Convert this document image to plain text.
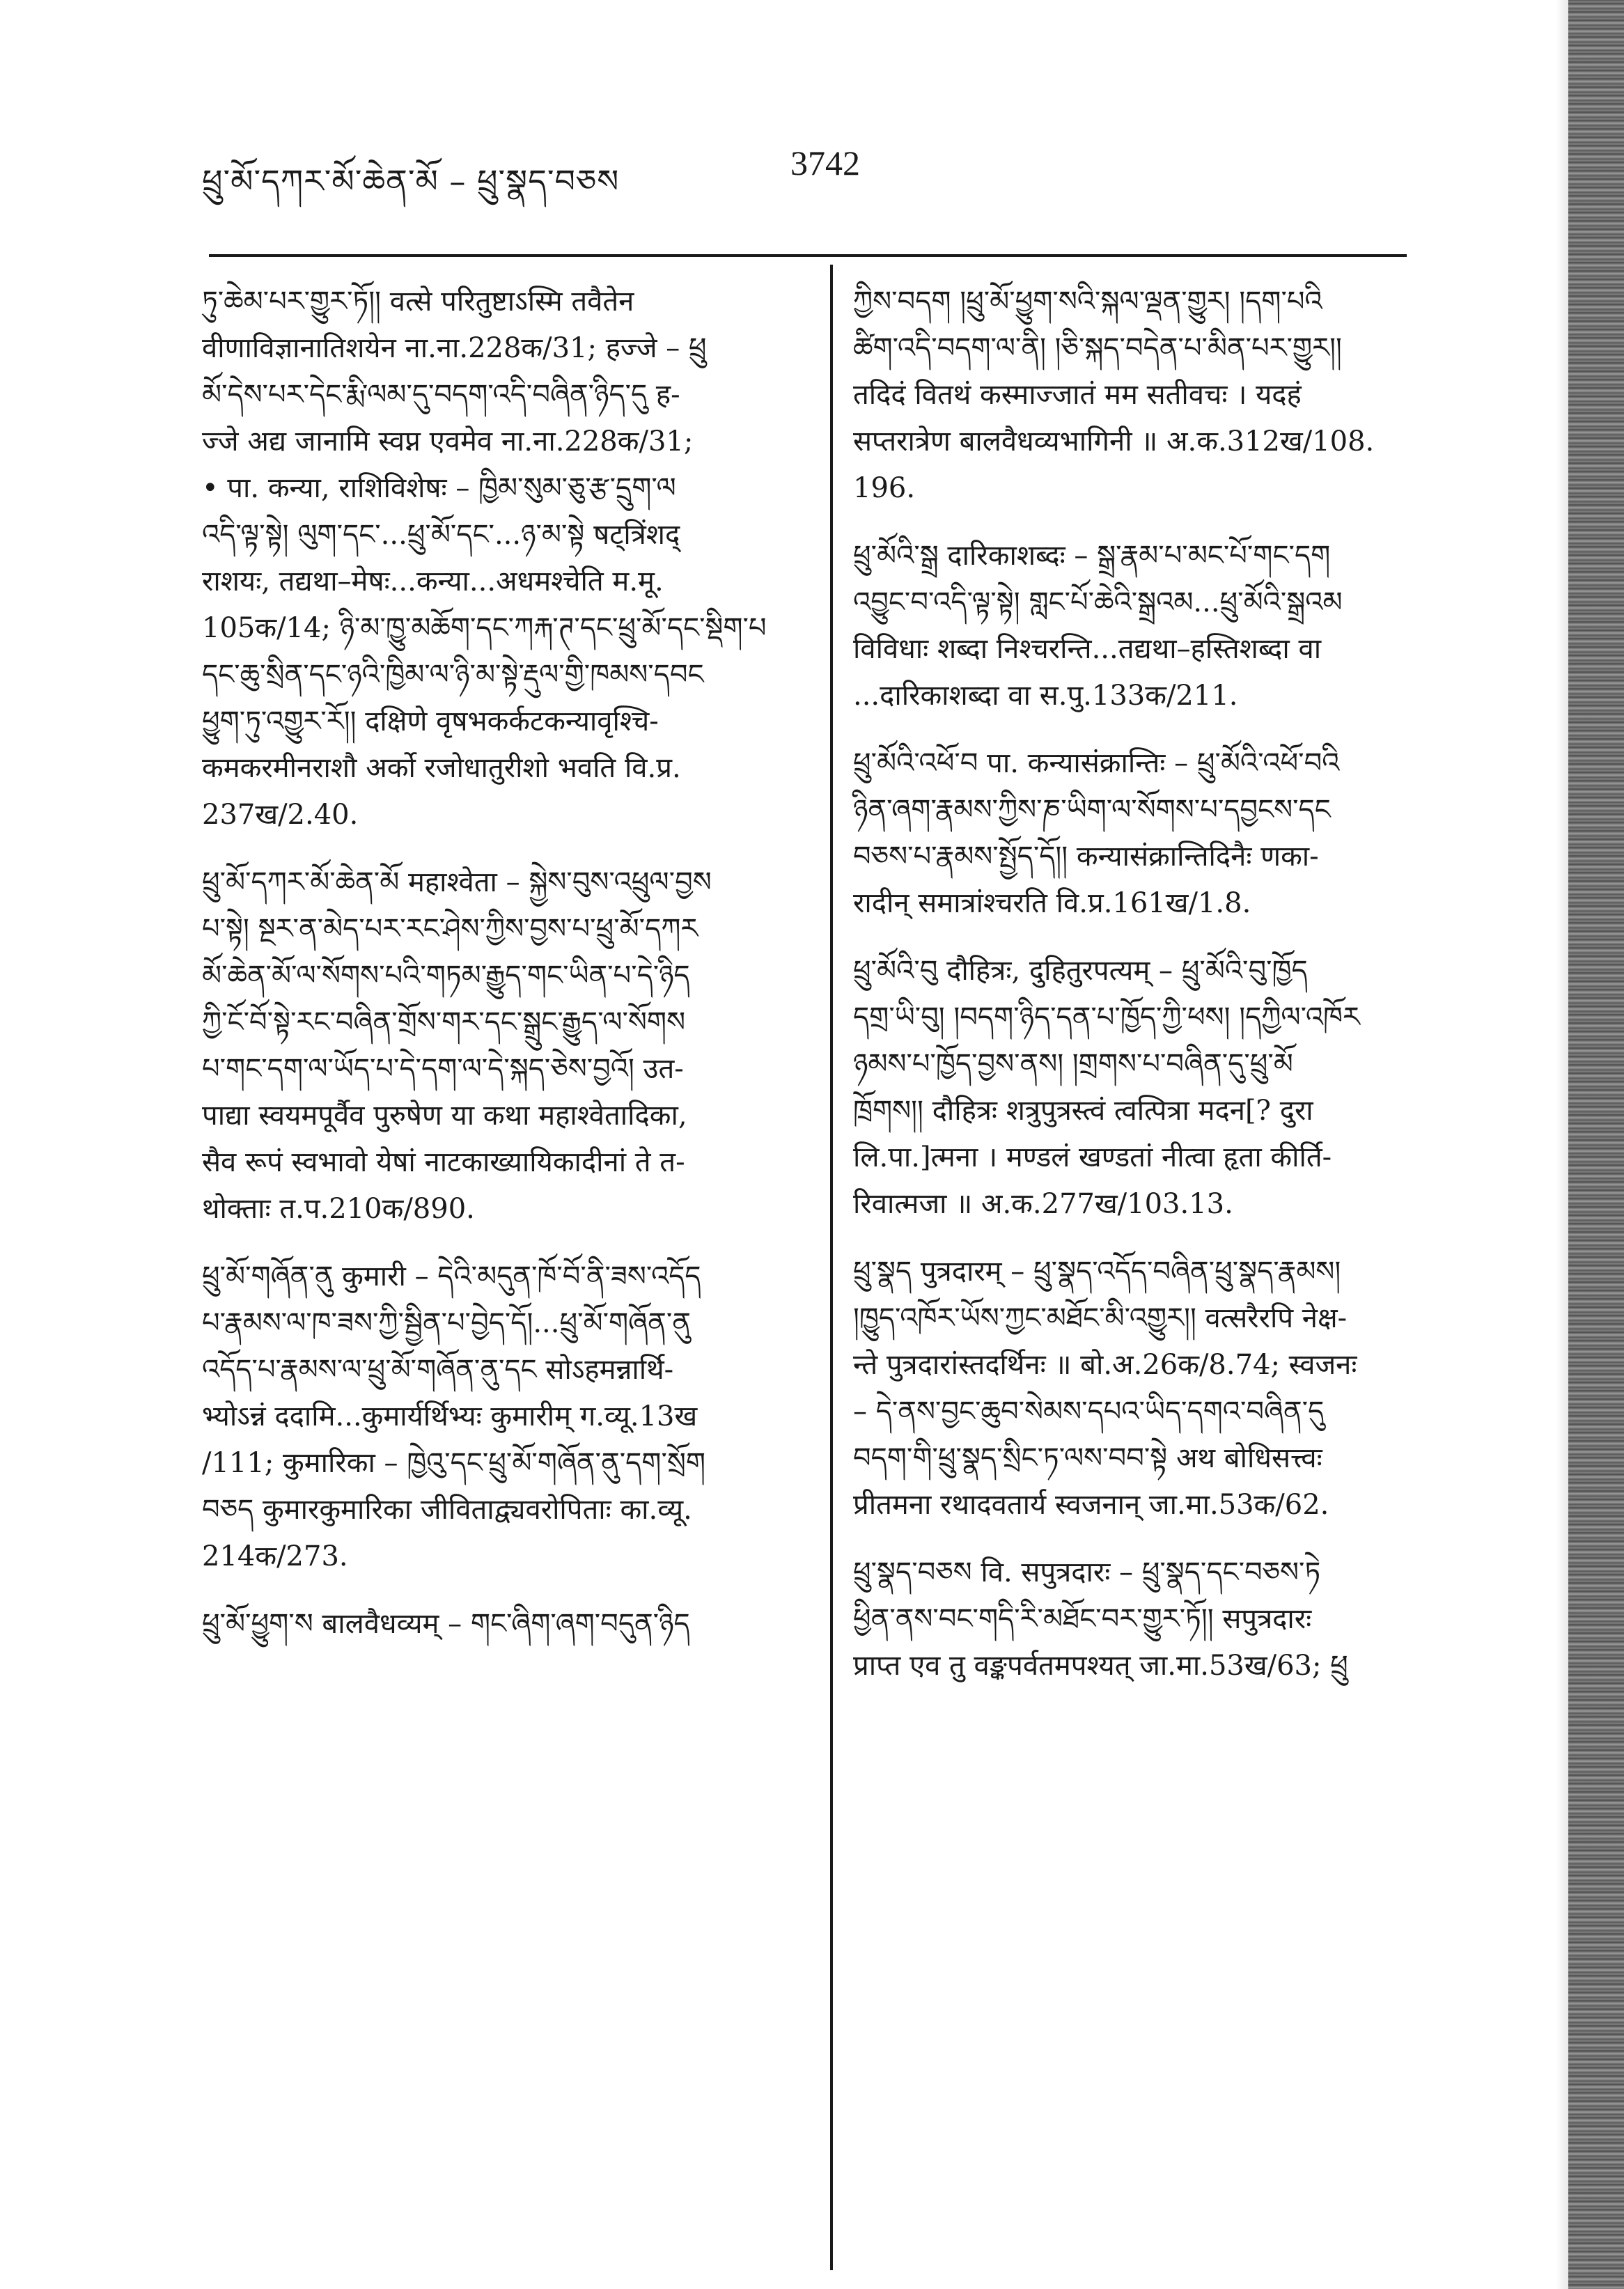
ཕྲུ་མོ་དཀར་མོ་ཆེན་མོ – ཕྲུ་སྣད་བཅས	3742

ཏུ་ཆེམ་པར་གྱུར་ཏོ།། वत्से परितुष्टाऽस्मि तवैतेन

वीणाविज्ञानातिशयेन ना.ना.228क/31; हज्जे – ཕྲུ

མོ་དེས་པར་དེང་རྨི་ལམ་དུ་བདག་འདི་བཞིན་ཉིད་དུ ह-

ज्जे अद्य जानामि स्वप्न एवमेव ना.ना.228क/31;

• पा. कन्या, राशिविशेषः – ཁྱིམ་སུམ་ཅུ་རྩ་དྲུག་ལ

འདི་ལྟ་སྟེ། ལུག་དང་...ཕྲུ་མོ་དང་...ཉ་མ་སྟེ षट्त्रिंशद्

राशयः, तद्यथा–मेषः...कन्या...अधमश्चेति म.मू.

105क/14; ཉི་མ་ཁྱུ་མཆོག་དང་ཀརྐ་ཊ་དང་ཕྲུ་མོ་དང་སྡིག་པ

དང་ཆུ་སྲིན་དང་ཉའི་ཁྱིམ་ལ་ཉི་མ་སྟེ་རྡུལ་གྱི་ཁམས་དབང

ཕྱུག་ཏུ་འགྱུར་རོ།། दक्षिणे वृषभकर्कटकन्यावृश्चि-

कमकरमीनराशौ अर्को रजोधातुरीशो भवति वि.प्र.

237ख/2.40.

ཕྲུ་མོ་དཀར་མོ་ཆེན་མོ महाश्वेता – སྐྱེས་བུས་འཕྲུལ་བྱས

པ་སྟེ། སྔར་ན་མེད་པར་རང་ཤེས་ཀྱིས་བྱས་པ་ཕྲུ་མོ་དཀར

མོ་ཆེན་མོ་ལ་སོགས་པའི་གཏམ་རྒྱུད་གང་ཡིན་པ་དེ་ཉིད

ཀྱི་ངོ་བོ་སྟེ་རང་བཞིན་གྲོས་གར་དང་སྒྲུང་རྒྱུད་ལ་སོགས

པ་གང་དག་ལ་ཡོད་པ་དེ་དག་ལ་དེ་སྐད་ཅེས་བྱའོ། उत-

पाद्या स्वयमपूर्वैव पुरुषेण या कथा महाश्वेतादिका,

सैव रूपं स्वभावो येषां नाटकाख्यायिकादीनां ते त-

थोक्ताः त.प.210क/890.

ཕྲུ་མོ་གཞོན་ནུ कुमारी – དེའི་མདུན་ཁོ་བོ་ནི་ཟས་འདོད

པ་རྣམས་ལ་ཁ་ཟས་ཀྱི་སྦྱིན་པ་བྱེད་དོ།...ཕྲུ་མོ་གཞོན་ནུ

འདོད་པ་རྣམས་ལ་ཕྲུ་མོ་གཞོན་ནུ་དང सोऽहमन्नार्थि-

भ्योऽन्नं ददामि...कुमार्यर्थिभ्यः कुमारीम् ग.व्यू.13ख

/111; कुमारिका – ཁྱེའུ་དང་ཕྲུ་མོ་གཞོན་ནུ་དག་སྲོག

བཅད कुमारकुमारिका जीविताद्व्यवरोपिताः का.व्यू.

214क/273.

ཕྲུ་མོ་ཕྱུག་ས बालवैधव्यम् – གང་ཞིག་ཞག་བདུན་ཉིད

ཀྱིས་བདག །ཕྲུ་མོ་ཕྱུག་སའི་སྐལ་ལྡན་གྱུར། །དག་པའི

ཚིག་འདི་བདག་ལ་ནི། །ཅི་སྐད་བདེན་པ་མིན་པར་གྱུར།།

तदिदं वितथं कस्माज्जातं मम सतीवचः । यदहं

सप्तरात्रेण बालवैधव्यभागिनी ॥ अ.क.312ख/108.

196.

ཕྲུ་མོའི་སྒྲ दारिकाशब्दः – སྒྲ་རྣམ་པ་མང་པོ་གང་དག

འབྱུང་བ་འདི་ལྟ་སྟེ། གླང་པོ་ཆེའི་སྒྲའམ...ཕྲུ་མོའི་སྒྲའམ

विविधाः शब्दा निश्चरन्ति...तद्यथा–हस्तिशब्दा वा

...दारिकाशब्दा वा स.पु.133क/211.

ཕྲུ་མོའི་འཕོ་བ पा. कन्यासंक्रान्तिः – ཕྲུ་མོའི་འཕོ་བའི

ཉིན་ཞག་རྣམས་ཀྱིས་ཎ་ཡིག་ལ་སོགས་པ་དབྱངས་དང

བཅས་པ་རྣམས་སྤྱོད་དོ།། कन्यासंक्रान्तिदिनैः णका-

रादीन् समात्रांश्चरति वि.प्र.161ख/1.8.

ཕྲུ་མོའི་བུ दौहित्रः, दुहितुरपत्यम् – ཕྲུ་མོའི་བུ་ཁྱོད

དགྲ་ཡི་བུ། །བདག་ཉིད་དན་པ་ཁྱོད་ཀྱི་ཕས། །དཀྱིལ་འཁོར

ཉམས་པ་ཁྱོད་བྱས་ནས། །གྲགས་པ་བཞིན་དུ་ཕྲུ་མོ

ཁྲོགས།། दौहित्रः शत्रुपुत्रस्त्वं त्वत्पित्रा मदन[? दुरा

लि.पा.]त्मना । मण्डलं खण्डतां नीत्वा हृता कीर्ति-

रिवात्मजा ॥ अ.क.277ख/103.13.

ཕྲུ་སྣད पुत्रदारम् – ཕྲུ་སྣད་འདོད་བཞིན་ཕྲུ་སྣད་རྣམས།

།ཁྱུད་འཁོར་ཡོས་ཀྱང་མཐོང་མི་འགྱུར།། वत्सरैरपि नेक्ष-

न्ते पुत्रदारांस्तदर्थिनः ॥ बो.अ.26क/8.74; स्वजनः

– དེ་ནས་བྱང་ཆུབ་སེམས་དཔའ་ཡིད་དགའ་བཞིན་དུ

བདག་གི་ཕྲུ་སྣད་སྲིང་ཏ་ལས་བབ་སྟེ अथ बोधिसत्त्वः

प्रीतमना रथादवतार्य स्वजनान् जा.मा.53क/62.

ཕྲུ་སྣད་བཅས वि. सपुत्रदारः – ཕྲུ་སྣད་དང་བཅས་ཏེ

ཕྱིན་ནས་བང་གདི་རི་མཐོང་བར་གྱུར་ཏོ།། सपुत्रदारः

प्राप्त एव तु वङ्कपर्वतमपश्यत् जा.मा.53ख/63; ཕྲུ
